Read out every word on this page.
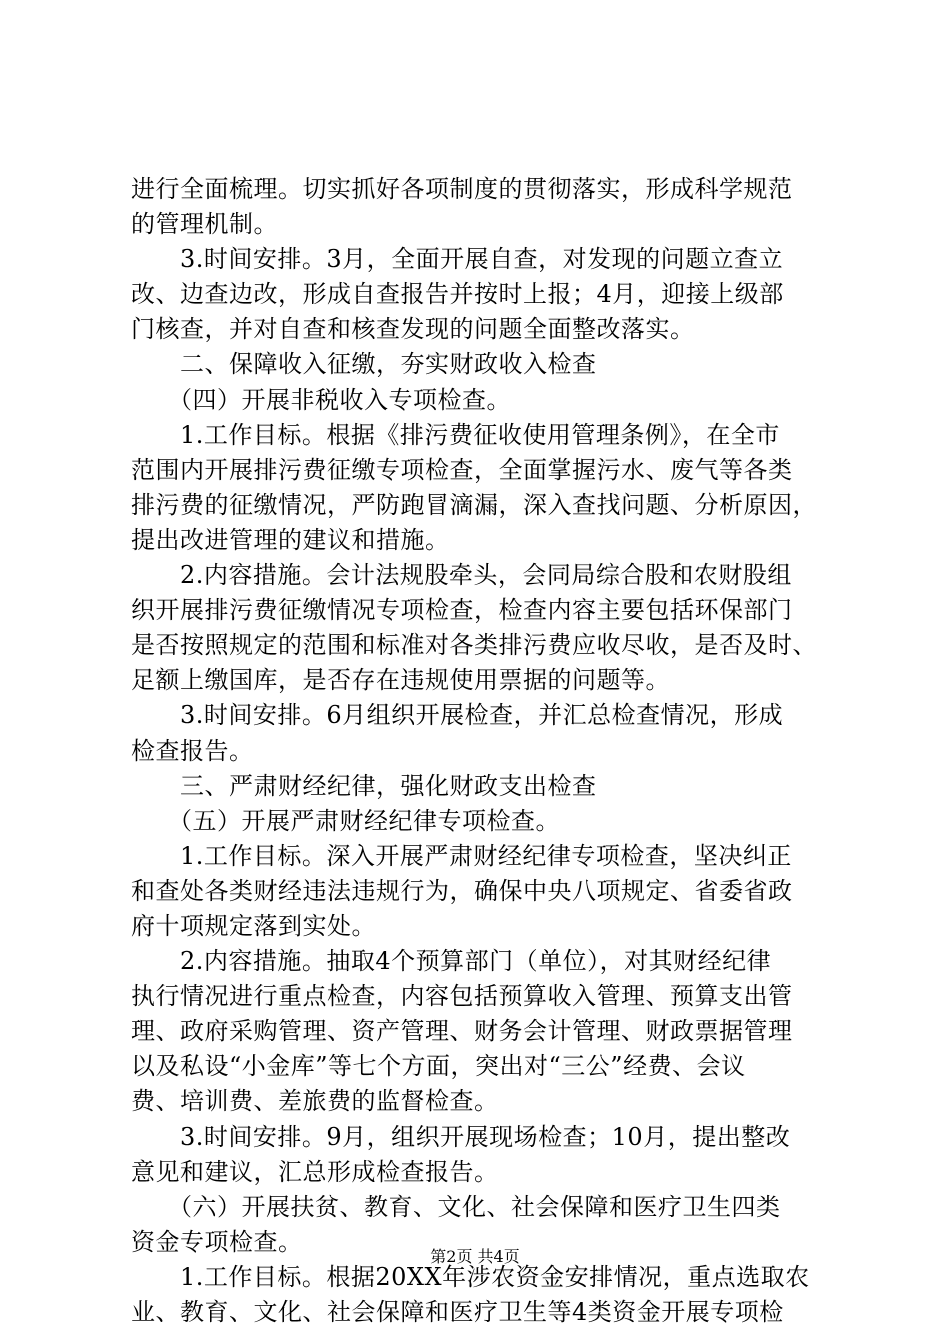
进行全面梳理。切实抓好各项制度的贯彻落实，形成科学规范
的管理机制。
　　3.时间安排。3月，全面开展自查，对发现的问题立查立
改、边查边改，形成自查报告并按时上报；4月，迎接上级部
门核查，并对自查和核查发现的问题全面整改落实。
　　二、保障收入征缴，夯实财政收入检查
　　（四）开展非税收入专项检查。
　　1.工作目标。根据《排污费征收使用管理条例》，在全市
范围内开展排污费征缴专项检查，全面掌握污水、废气等各类
排污费的征缴情况，严防跑冒滴漏，深入查找问题、分析原因，
提出改进管理的建议和措施。
　　2.内容措施。会计法规股牵头，会同局综合股和农财股组
织开展排污费征缴情况专项检查，检查内容主要包括环保部门
是否按照规定的范围和标准对各类排污费应收尽收，是否及时、
足额上缴国库，是否存在违规使用票据的问题等。
　　3.时间安排。6月组织开展检查，并汇总检查情况，形成
检查报告。
　　三、严肃财经纪律，强化财政支出检查
　　（五）开展严肃财经纪律专项检查。
　　1.工作目标。深入开展严肃财经纪律专项检查，坚决纠正
和查处各类财经违法违规行为，确保中央八项规定、省委省政
府十项规定落到实处。
　　2.内容措施。抽取4个预算部门（单位），对其财经纪律
执行情况进行重点检查，内容包括预算收入管理、预算支出管
理、政府采购管理、资产管理、财务会计管理、财政票据管理
以及私设“小金库”等七个方面，突出对“三公”经费、会议
费、培训费、差旅费的监督检查。
　　3.时间安排。9月，组织开展现场检查；10月，提出整改
意见和建议，汇总形成检查报告。
　　（六）开展扶贫、教育、文化、社会保障和医疗卫生四类
资金专项检查。
　　1.工作目标。根据20XX年涉农资金安排情况，重点选取农
业、教育、文化、社会保障和医疗卫生等4类资金开展专项检
第2页 共4页
